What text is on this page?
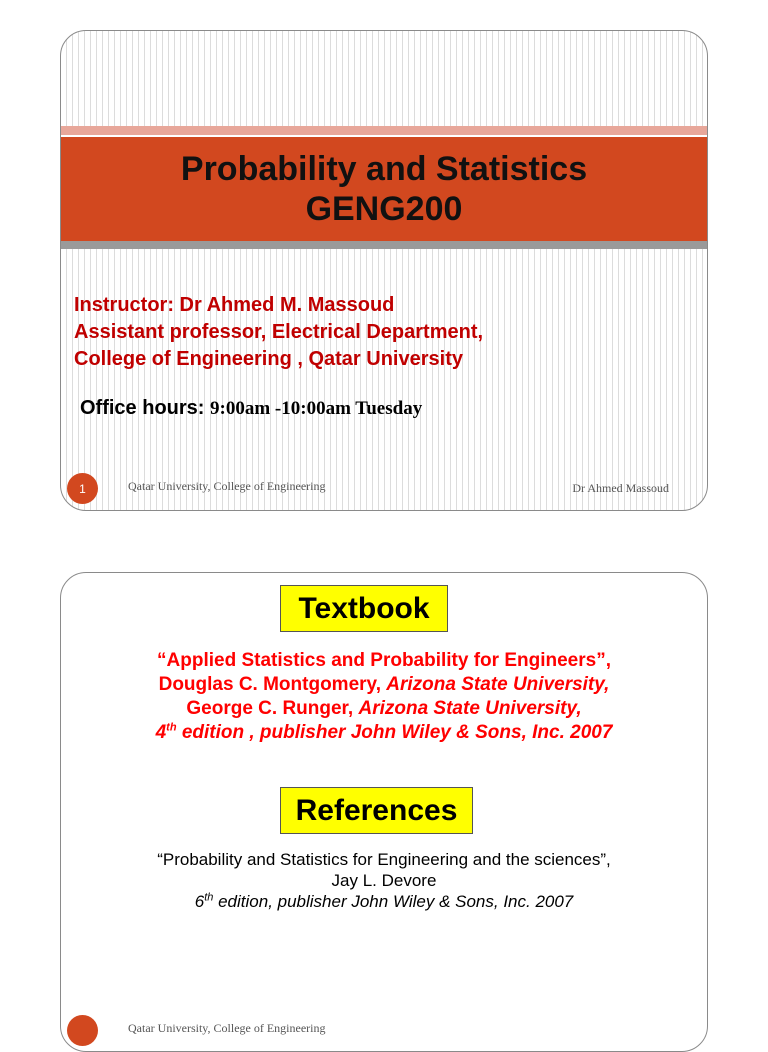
Probability and Statistics
GENG200
Instructor: Dr Ahmed M. Massoud
Assistant professor, Electrical Department,
College of Engineering , Qatar University
Office hours: 9:00am -10:00am Tuesday
1	Qatar University, College of Engineering	Dr Ahmed Massoud
Textbook
“Applied Statistics and Probability for Engineers”,
Douglas C. Montgomery, Arizona State University,
George C. Runger, Arizona State University,
4th edition , publisher John Wiley & Sons, Inc. 2007
References
“Probability and Statistics for Engineering and the sciences”,
Jay L. Devore
6th edition, publisher John Wiley & Sons, Inc. 2007
Qatar University, College of Engineering
